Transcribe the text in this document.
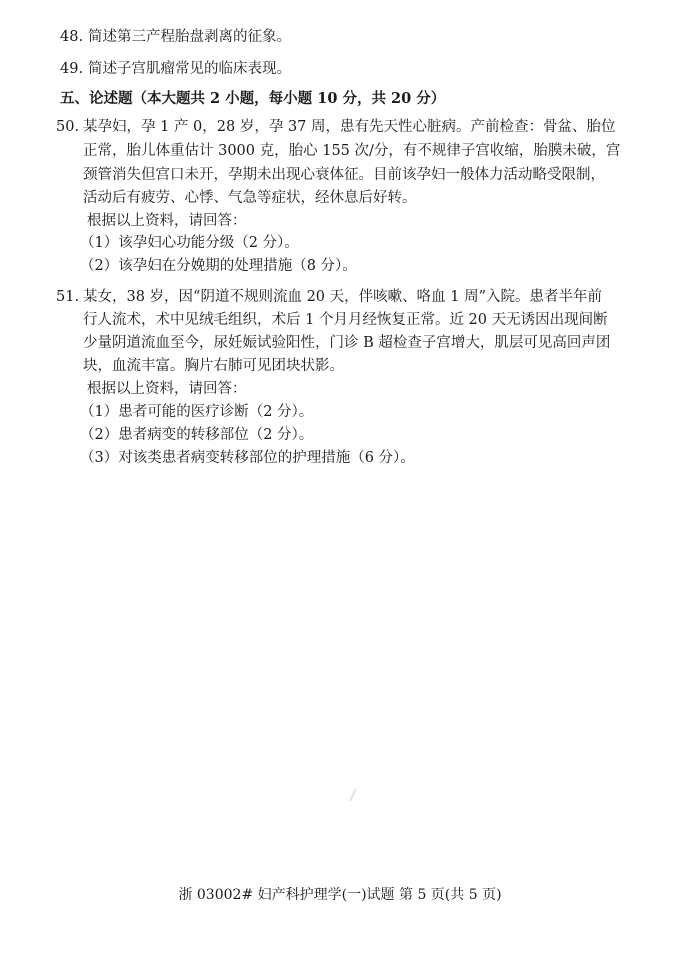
48. 简述第三产程胎盘剥离的征象。
49. 简述子宫肌瘤常见的临床表现。
五、论述题（本大题共 2 小题，每小题 10 分，共 20 分）
50. 某孕妇，孕 1 产 0，28 岁，孕 37 周，患有先天性心脏病。产前检查：骨盆、胎位
正常，胎儿体重估计 3000 克，胎心 155 次/分，有不规律子宫收缩，胎膜未破，宫
颈管消失但宫口未开，孕期未出现心衰体征。目前该孕妇一般体力活动略受限制，
活动后有疲劳、心悸、气急等症状，经休息后好转。
根据以上资料，请回答：
（1）该孕妇心功能分级（2 分）。
（2）该孕妇在分娩期的处理措施（8 分）。
51. 某女，38 岁，因“阴道不规则流血 20 天，伴咳嗽、咯血 1 周”入院。患者半年前
行人流术，术中见绒毛组织，术后 1 个月月经恢复正常。近 20 天无诱因出现间断
少量阴道流血至今，尿妊娠试验阳性，门诊 B 超检查子宫增大，肌层可见高回声团
块，血流丰富。胸片右肺可见团块状影。
根据以上资料，请回答：
（1）患者可能的医疗诊断（2 分）。
（2）患者病变的转移部位（2 分）。
（3）对该类患者病变转移部位的护理措施（6 分）。
浙 03002# 妇产科护理学(一)试题 第 5 页(共 5 页)
